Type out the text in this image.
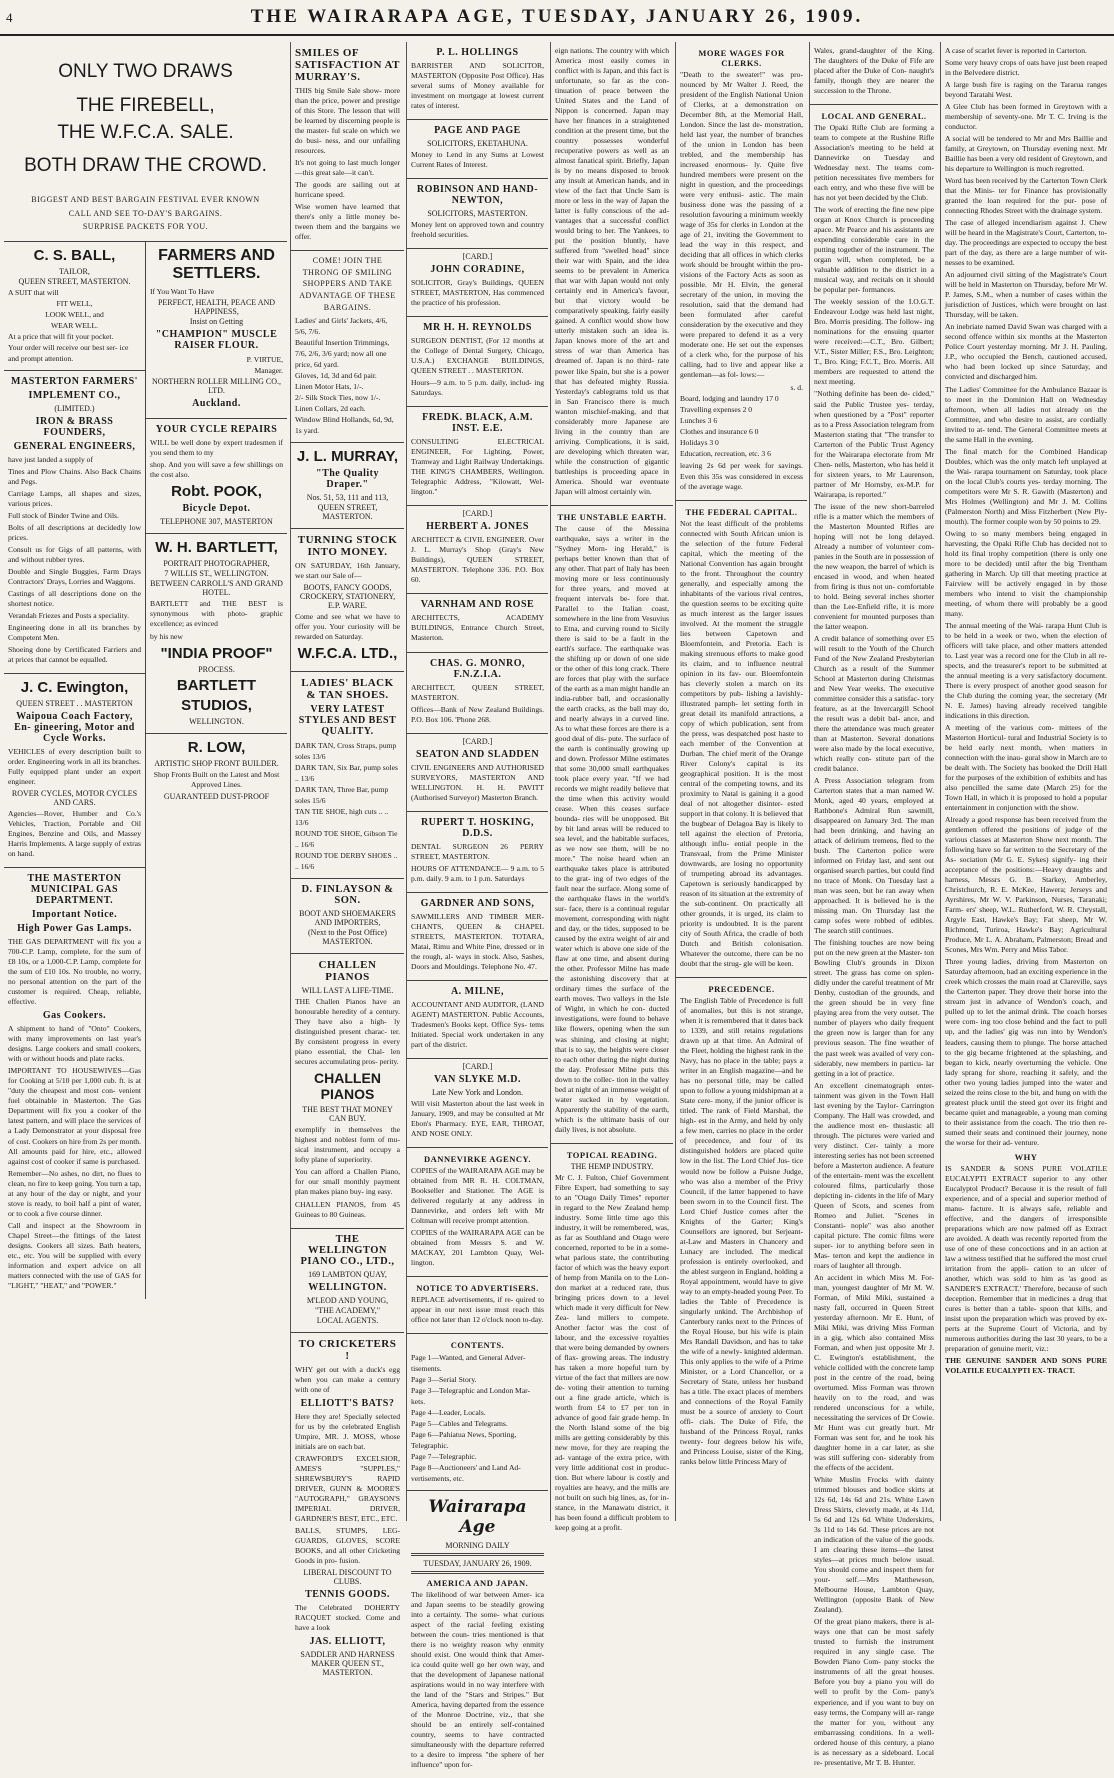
4	THE WAIRARAPA AGE, TUESDAY, JANUARY 26, 1909.
ONLY TWO DRAWS
THE FIREBELL,
THE W.F.C.A. SALE.
BOTH DRAW THE CROWD.
BIGGEST AND BEST BARGAIN FESTIVAL EVER KNOWN
CALL AND SEE TO-DAY'S BARGAINS.
SURPRISE PACKETS FOR YOU.
C. S. BALL,
TAILOR,
QUEEN STREET, MASTERTON.
A SUIT that will
FIT WELL,
LOOK WELL, and
WEAR WELL.
At a price that will fit your pocket.
Your order will receive our best ser- ice and prompt attention.
MASTERTON FARMERS'
IMPLEMENT CO.,
(LIMITED.)
IRON & BRASS FOUNDERS,
GENERAL ENGINEERS,
have just landed a supply of
Tines and Plow Chains. Also Back Chains and Pegs.
Carriage Lamps, all shapes and sizes, various prices.
Full stock of Binder Twine and Oils.
Bolts of all descriptions at decidedly low prices.
Consult us for Gigs of all patterns, with and without rubber tyres.
Double and Single Buggies, Farm Drays Contractors' Drays, Lorries and Waggons.
Castings of all descriptions done on the shortest notice.
Verandah Friezes and Posts a speciality.
Engineering done in all its branches by Competent Men.
Shoeing done by Certificated Farriers and at prices that cannot be equalled.
J. C. Ewington,
QUEEN STREET . . MASTERTON
Waipoua Coach Factory, En- gineering, Motor and Cycle Works.
VEHICLES of every description built to order. Engineering work in all its branches. Fully equipped plant under an expert engineer.
ROVER CYCLES, MOTOR CYCLES AND CARS.
Agencies—Rover, Humber and Co.'s Vehicles, Traction, Portable and Oil Engines, Benzine and Oils, and Massey Harris Implements. A large supply of extras on hand.
THE MASTERTON MUNICIPAL GAS DEPARTMENT.
Important Notice.
High Power Gas Lamps.
THE GAS DEPARTMENT will fix you a 700-C.P. Lamp, complete, for the sum of £8 10s, or a 1,000-C.P. Lamp, complete for the sum of £10 10s. No trouble, no worry, no personal attention on the part of the customer is required. Cheap, reliable, effective.
Gas Cookers.
A shipment to hand of "Onto" Cookers, with many improvements on last year's designs. Large cookers and small cookers, with or without hoods and plate racks.
IMPORTANT TO HOUSEWIVES—Gas for Cooking at 5/10 per 1,000 cub. ft. is at "duty the cheapest and most con- venient fuel obtainable in Masterton. The Gas Department will fix you a cooker of the latest pattern, and will place the services of a Lady Demonstrator at your disposal free of cost. Cookers on hire from 2s per month. All amounts paid for hire, etc., allowed against cost of cooker if same is purchased.
Remember—No ashes, no dirt, no flues to clean, no fire to keep going. You turn a tap, at any hour of the day or night, and your stove is ready, to boil half a pint of water, or to cook a five course dinner.
Call and inspect at the Showroom in Chapel Street—the fittings of the latest designs. Cookers all sizes. Bath heaters, etc., etc. You will be supplied with every information and expert advice on all matters connected with the use of GAS for "LIGHT," "HEAT," and "POWER."
FARMERS AND SETTLERS.
If You Want To Have
PERFECT, HEALTH, PEACE AND HAPPINESS,
Insist on Getting
"CHAMPION" MUSCLE RAISER FLOUR.
P. VIRTUE,
Manager.
NORTHERN ROLLER MILLING CO., LTD.
Auckland.
YOUR CYCLE REPAIRS
WILL be well done by expert tradesmen if you send them to my
shop. And you will save a few shillings on the cost also.
Robt. POOK,
Bicycle Depot.
TELEPHONE 307, MASTERTON
W. H. BARTLETT,
PORTRAIT PHOTOGRAPHER,
7 WILLIS ST., WELLINGTON.
BETWEEN CARROLL'S AND GRAND HOTEL.
BARTLETT and THE BEST is synonymous with photo- graphic excellence; as evinced
by his new
"INDIA PROOF"
PROCESS.
BARTLETT
STUDIOS,
WELLINGTON.
R. LOW,
ARTISTIC SHOP FRONT BUILDER.
Shop Fronts Built on the Latest and Most Approved Lines.
GUARANTEED DUST-PROOF
SMILES OF SATISFACTION AT MURRAY'S.
THIS big Smile Sale show- more than the price, power and prestige of this Store. The lesson that will be learned by discerning people is the master- ful scale on which we do busi- ness, and our unfailing resources.
It's not going to last much longer—this great sale—it can't.
The goods are sailing out at hurricane speed.
Wise women have learned that there's only a little money be- tween them and the bargains we offer.
COME! JOIN THE THRONG OF SMILING SHOPPERS AND TAKE ADVANTAGE OF THESE BARGAINS.
Ladies' and Girls' Jackets, 4/6, 5/6, 7/6.
Beautiful Insertion Trimmings, 7/6, 2/6, 3/6 yard; now all one price, 6d yard.
Gloves, 1d, 3d and 6d pair.
Linen Motor Hats, 1/-.
2/- Silk Stock Ties, now 1/-.
Linen Collars, 2d each.
Window Blind Hollands, 6d, 9d, 1s yard.
J. L. MURRAY,
"The Quality Draper."
Nos. 51, 53, 111 and 113,
QUEEN STREET, MASTERTON.
TURNING STOCK INTO MONEY.
ON SATURDAY, 16th January, we start our Sale of—
BOOTS, FANCY GOODS, CROCKERY, STATIONERY, E.P. WARE.
Come and see what we have to offer you. Your curiosity will be rewarded on Saturday.
W.F.C.A. LTD.,
LADIES' BLACK & TAN SHOES.
VERY LATEST STYLES AND BEST QUALITY.
DARK TAN, Cross Straps, pump soles 13/6
DARK TAN, Six Bar, pump soles .. 13/6
DARK TAN, Three Bar, pump soles 15/6
TAN TIE SHOE, high cuts .. .. 13/6
ROUND TOE SHOE, Gibson Tie .. 16/6
ROUND TOE DERBY SHOES .. .. 16/6
D. FINLAYSON & SON.
BOOT AND SHOEMAKERS AND IMPORTERS,
(Next to the Post Office) MASTERTON.
CHALLEN PIANOS
WILL LAST A LIFE-TIME.
THE Challen Pianos have an honourable heredity of a century. They have also a high- ly distinguished present charac- ter. By consistent progress in every piano essential, the Chal- len secures accumulating pros- perity.
CHALLEN PIANOS
THE BEST THAT MONEY CAN BUY.
exemplify in themselves the highest and noblest form of mu- sical instrument, and occupy a lofty plane of superiority.
You can afford a Challen Piano, for our small monthly payment plan makes piano buy- ing easy.
CHALLEN PIANOS, from 45 Guineas to 80 Guineas.
THE WELLINGTON PIANO CO., LTD.,
169 LAMBTON QUAY,
WELLINGTON.
M'LEOD AND YOUNG,
"THE ACADEMY,"
LOCAL AGENTS.
TO CRICKETERS !
WHY get out with a duck's egg when you can make a century with one of
ELLIOTT'S BATS?
Here they are! Specially selected for us by the celebrated English Umpire, MR. J. MOSS, whose initials are on each bat.
CRAWFORD'S EXCELSIOR, AMES'S "SUPPLES," SHREWSBURY'S RAPID DRIVER, GUNN & MOORE'S "AUTOGRAPH," GRAYSON'S IMPERIAL DRIVER, GARDNER'S BEST, ETC., ETC.
BALLS, STUMPS, LEG-GUARDS, GLOVES, SCORE BOOKS, and all other Cricketing Goods in pro- fusion.
LIBERAL DISCOUNT TO CLUBS.
TENNIS GOODS.
The Celebrated DOHERTY RACQUET stocked. Come and have a look
JAS. ELLIOTT,
SADDLER AND HARNESS MAKER QUEEN ST., MASTERTON.
P. L. HOLLINGS
BARRISTER AND SOLICITOR, MASTERTON (Opposite Post Office). Has several sums of Money available for investment on mortgage at lowest current rates of interest.
PAGE AND PAGE
SOLICITORS, EKETAHUNA.
Money to Lend in any Sums at Lowest Current Rates of Interest.
ROBINSON AND HAND-NEWTON,
SOLICITORS, MASTERTON.
Money lent on approved town and country freehold securities.
[CARD.]
JOHN CORADINE,
SOLICITOR, Gray's Buildings, QUEEN STREET, MASTERTON, Has commenced the practice of his profession.
MR H. H. REYNOLDS
SURGEON DENTIST, (For 12 months at the College of Dental Surgery, Chicago, U.S.A.) EXCHANGE BUILDINGS, QUEEN STREET . . MASTERTON.
Hours—9 a.m. to 5 p.m. daily, includ- ing Saturdays.
FREDK. BLACK, A.M. INST. E.E.
CONSULTING ELECTRICAL ENGINEER, For Lighting, Power, Tramway and Light Railway Undertakings. THE KING'S CHAMBERS, Wellington. Telegraphic Address, "Kilowatt, Wel- lington."
[CARD.]
HERBERT A. JONES
ARCHITECT & CIVIL ENGINEER. Over J. L. Murray's Shop (Gray's New Buildings), QUEEN STREET, MASTERTON. Telephone 336. P.O. Box 60.
VARNHAM AND ROSE
ARCHITECTS, ACADEMY BUILDINGS, Entrance Church Street, Masterton.
CHAS. G. MONRO, F.N.Z.I.A.
ARCHITECT, QUEEN STREET, MASTERTON.
Offices—Bank of New Zealand Buildings. P.O. Box 106. 'Phone 268.
[CARD.]
SEATON AND SLADDEN
CIVIL ENGINEERS AND AUTHORISED SURVEYORS, MASTERTON AND WELLINGTON. H. H. PAVITT (Authorised Surveyor) Masterton Branch.
RUPERT T. HOSKING, D.D.S.
DENTAL SURGEON 26 PERRY STREET, MASTERTON.
HOURS OF ATTENDANCE— 9 a.m. to 5 p.m. daily. 9 a.m. to 1 p.m. Saturdays
GARDNER AND SONS,
SAWMILLERS AND TIMBER MER- CHANTS, QUEEN & CHAPEL STREETS, MASTERTON. TOTARA, Matai, Rimu and White Pine, dressed or in the rough, al- ways in stock. Also, Sashes, Doors and Mouldings. Telephone No. 47.
A. MILNE,
ACCOUNTANT AND AUDITOR, (LAND AGENT) MASTERTON. Public Accounts, Tradesmen's Books kept. Office Sys- tems Initiated. Special work undertaken in any part of the district.
[CARD.]
VAN SLYKE M.D.
Late New York and London.
Will visit Masterton about the last week in January, 1909, and may be consulted at Mr Ebon's Pharmacy. EYE, EAR, THROAT, AND NOSE ONLY.
DANNEVIRKE AGENCY.
COPIES of the WAIRARAPA AGE may be obtained from MR R. H. COLTMAN, Bookseller and Stationer. The AGE is delivered regularly at any address in Dannevirke, and orders left with Mr Coltman will receive prompt attention.
COPIES of the WAIRARAPA AGE can be obtained from Messrs S. and W. MACKAY, 201 Lambton Quay, Wel- lington.
NOTICE TO ADVERTISERS.
REPLACE advertisements, if re- quired to appear in our next issue must reach this office not later than 12 o'clock noon to-day.
CONTENTS.
Page 1—Wanted, and General Adver- tisements.
Page 3—Serial Story.
Page 3—Telegraphic and London Mar- kets.
Page 4—Leader, Locals.
Page 5—Cables and Telegrams.
Page 6—Pahiatua News, Sporting, Telegraphic.
Page 7—Telegraphic.
Page 8—Auctioneers' and Land Ad- vertisements, etc.
Wairarapa Age
MORNING DAILY
TUESDAY, JANUARY 26, 1909.
AMERICA AND JAPAN.
The likelihood of war between Amer- ica and Japan seems to be steadily growing into a certainty. The some- what curious aspect of the racial feeling existing between the coun- tries mentioned is that there is no weighty reason why enmity should exist. One would think that Amer- ica could quite well go her own way, and that the development of Japanese national aspirations would in no way interfere with the land of the "Stars and Stripes." But America, having departed from the essence of the Monroe Doctrine, viz., that she should be an entirely self-contained country, seems to have contracted simultaneously with the departure referred to a desire to impress "the sphere of her influence" upon for-
eign nations. The country with which America most easily comes in conflict with is Japan, and this fact is unfortunate, so far as the con- tinuation of peace between the United States and the Land of Nippon is concerned. Japan may have her finances in a straightened condition at the present time, but the country possesses wonderful recuperative powers as well as an almost fanatical spirit. Briefly, Japan is by no means disposed to brook any insult at American hands, and in view of the fact that Uncle Sam is more or less in the way of Japan the latter is fully conscious of the ad- vantages that a successful conflict would bring to her. The Yankees, to put the position bluntly, have suffered from "swelled head" since their war with Spain, and the idea seems to be prevalent in America that war with Japan would not only certainly end in America's favour, but that victory would be comparatively speaking, fairly easily gained. A conflict would show how utterly mistaken such an idea is. Japan knows more of the art and stress of war than America has dreamed of. Japan is no third- rate power like Spain, but she is a power that has defeated mighty Russia. Yesterday's cablegrams told us that in San Francisco there is much wanton mischief-making, and that considerably more Japanese are living in the country than are arriving. Complications, it is said, are developing which threaten war, while the construction of gigantic battleships is proceeding apace in America. Should war eventuate Japan will almost certainly win.
THE UNSTABLE EARTH.
The cause of the Messina earthquake, says a writer in the "Sydney Morn- ing Herald," is perhaps better known than that of any other. That part of Italy has been moving more or less continuously for three years, and moved at frequent intervals be- fore that. Parallel to the Italian coast, somewhere in the line from Vesuvius to Etna, and curving round to Sicily there is said to be a fault in the earth's surface. The earthquake was the shifting up or down of one side or the other of this long crack. There are forces that play with the surface of the earth as a man might handle an india-rubber ball, and occasionally the earth cracks, as the ball may do, and nearly always in a curved line. As to what these forces are there is a good deal of dis- pute. The surface of the earth is continually growing up and down. Professor Milne estimates that some 30,000 small earthquakes took place every year. "If we had records we might readily believe that the time when this activity would cease. When this ceases surface bounda- ries will be unopposed. Bit by bit land areas will be reduced to sea level, and the habitable surfaces, as we now see them, will be no more." The noise heard when an earthquake takes place is attributed to the grat- ing of two edges of the fault near the surface. Along some of the earthquake flaws in the world's sur- face, there is a continual regular movement, corresponding with night and day, or the tides, supposed to be caused by the extra weight of air and water which is above one side of the flaw at one time, and absent during the other. Professor Milne has made the astonishing discovery that at ordinary times the surface of the earth moves. Two valleys in the Isle of Wight, in which he con- ducted investigations, were found to behave like flowers, opening when the sun was shining, and closing at night; that is to say, the heights were closer to each other during the night during the day. Professor Milne puts this down to the collec- tion in the valley bed at night of an immense weight of water sucked in by vegetation. Apparently the stability of the earth, which is the ultimate basis of our daily lives, is not absolute.
TOPICAL READING.
THE HEMP INDUSTRY.
Mr C. J. Fulton, Chief Government Fibre Expert, had something to say to an "Otago Daily Times" reporter in regard to the New Zealand hemp industry. Some little time ago this industry, it will be remembered, was, as far as Southland and Otago were concerned, reported to be in a some- what parlous state, the contributing factor of which was the heavy export of hemp from Manila on to the Lon- don market at a reduced rate, thus bringing prices down to a level which made it very difficult for New Zea- land millers to compete. Another factor was the cost of labour, and the excessive royalties that were being demanded by owners of flax- growing areas. The industry has taken a more hopeful turn by virtue of the fact that millers are now de- voting their attention to turning out a fine grade article, which is worth from £4 to £7 per ton in advance of good fair grade hemp. In the North Island some of the big mills are getting considerably by this new move, for they are reaping the ad- vantage of the extra price, with very little additional cost in produc- tion. But where labour is costly and royalties are heavy, and the mills are not built on such big lines, as, for in- stance, in the Manawatu district, it has been found a difficult problem to keep going at a profit.
MORE WAGES FOR CLERKS.
"Death to the sweater!" was pro- nounced by Mr Walter J. Reed, the president of the English National Union of Clerks, at a demonstration on December 8th, at the Memorial Hall, London. Since the last de- monstration, held last year, the number of branches of the union in London has been trebled, and the membership has increased enormous- ly. Quite five hundred members were present on the night in question, and the proceedings were very enthusi- astic. The main business done was the passing of a resolution favouring a minimum weekly wage of 35s for clerks in London at the age of 21, inviting the Government to lead the way in this respect, and deciding that all offices in which clerks work should be brought within the pro- visions of the Factory Acts as soon as possible. Mr H. Elvin, the general secretary of the union, in moving the resolution, said that the demand had been formulated after careful consideration by the executive and they were prepared to defend it as a very moderate one. He set out the expenses of a clerk who, for the purpose of his calling, had to live and appear like a gentleman—as fol- lows:—
s. d.
Board, lodging and laundry 17 0
Travelling expenses 2 0
Lunches 3 6
Clothes and insurance 6 0
Holidays 3 0
Education, recreation, etc. 3 6
leaving 2s 6d per week for savings. Even this 35s was considered in excess of the average wage.
THE FEDERAL CAPITAL.
Not the least difficult of the problems connected with South African union is the selection of the future Federal capital, which the meeting of the National Convention has again brought to the front. Throughout the country generally, and especially among the inhabitants of the various rival centres, the question seems to be exciting quite as much interest as the larger issues involved. At the moment the struggle lies between Capetown and Bloemfontein, and Pretoria. Each is making strenuous efforts to make good its claim, and to influence neutral opinion in its fav- our. Bloemfontein has cleverly stolen a march on its competitors by pub- lishing a lavishly-illustrated pamph- let setting forth in great detail its manifold attractions, a copy of which publication, sent from the press, was despatched post haste to each member of the Convention at Durban. The chief merit of the Orange River Colony's capital is its geographical position. It is the most central of the competing towns, and its proximity to Natal is gaining it a good deal of not altogether disinter- ested support in that colony. It is believed that the bugbear of Delagoa Bay is likely to tell against the election of Pretoria, although influ- ential people in the Transvaal, from the Prime Minister downwards, are losing no opportunity of trumpeting abroad its advantages. Capetown is seriously handicapped by reason of its situation at the extremity of the sub-continent. On practically all other grounds, it is urged, its claim to priority is undoubted. It is the parent city of South Africa, the cradle of both Dutch and British colonisation. Whatever the outcome, there can be no doubt that the strug- gle will be keen.
PRECEDENCE.
The English Table of Precedence is full of anomalies, but this is not strange, when it is remembered that it dates back to 1339, and still retains regulations drawn up at that time. An Admiral of the Fleet, holding the highest rank in the Navy, has no place in the table; pays a writer in an English magazine—and he has no personal title, may be called upon to follow a young midshipman at a State cere- mony, if the junior officer is titled. The rank of Field Marshal, the high- est in the Army, and held by only a few men, carries no place in the order of precedence, and four of its distinguished holders are placed quite low in the list. The Lord Chief Jus- tice would now be follow a Puisne Judge, who was also a member of the Privy Council, if the latter happened to have been sworn in to the Council first. The Lord Chief Justice comes after the Knights of the Garter; King's Counsellors are ignored, but Serjeant-at-Law and Masters in Chancery and Lunacy are included. The medical profession is entirely overlooked, and the ablest surgeon in England, holding a Royal appointment, would have to give way to an empty-headed young Peer. To ladies the Table of Precedence is singularly unkind. The Archbishop of Canterbury ranks next to the Princes of the Royal House, but his wife is plain Mrs Randall Davidson, and has to take the wife of a newly- knighted alderman. This only applies to the wife of a Prime Minister, or a Lord Chancellor, or a Secretary of State, unless her husband has a title. The exact places of members and connections of the Royal Family must be a source of anxiety to Court offi- cials. The Duke of Fife, the husband of the Princess Royal, ranks twenty- four degrees below his wife, and Princess Louise, sister of the King, ranks below little Princess Mary of
Wales, grand-daughter of the King. The daughters of the Duke of Fife are placed after the Duke of Con- naught's family, though they are nearer the succession to the Throne.
LOCAL AND GENERAL.
The Opaki Rifle Club are forming a team to compete at the Rushine Rifle Association's meeting to be held at Dannevirke on Tuesday and Wednesday next. The teams com- petition necessitates five members for each entry, and who these five will be has not yet been decided by the Club.
The work of erecting the fine new pipe organ at Knox Church is proceeding apace. Mr Pearce and his assistants are expending considerable care in the putting together of the instrument. The organ will, when completed, be a valuable addition to the district in a musical way, and recitals on it should be popular per- formances.
The weekly session of the I.O.G.T. Endeavour Lodge was held last night, Bro. Morris presiding. The follow- ing nominations for the ensuing quarter were received:—C.T., Bro. Gilbert; V.T., Sister Miller; F.S., Bro. Leighton; T., Bro. King; F.C.T., Bro. Morris. All members are requested to attend the next meeting.
"Nothing definite has been de- cided," said the Public Trustee yes- terday, when questioned by a "Post" reporter as to a Press Association telegram from Masterton stating that "The transfer to Carterton of the Public Trust Agency for the Wairarapa electorate from Mr Chen- nells, Masterton, who has held it for sixteen years, to Mr Laurenson, partner of Mr Hornsby, ex-M.P. for Wairarapa, is reported."
The issue of the new short-barreled rifle is a matter which the members of the Masterton Mounted Rifles are hoping will not be long delayed. Already a number of volunteer com- panies in the South are in possession of the new weapon, the barrel of which is encased in wood, and when heated from firing is thus not un- comfortable to hold. Being several inches shorter than the Lee-Enfield rifle, it is more convenient for mounted purposes than the latter weapon.
A credit balance of something over £5 will result to the Youth of the Church Fund of the New Zealand Presbyterian Church as a result of the Summer School at Masterton during Christmas and New Year weeks. The executive committee consider this a satisfac- tory feature, as at the Invercargill School the result was a debit bal- ance, and there the attendance was much greater than at Masterton. Several donations were also made by the local executive, which really con- stitute part of the credit balance.
A Press Association telegram from Carterton states that a man named W. Monk, aged 40 years, employed at Rathbone's Admiral Run sawmill, disappeared on January 3rd. The man had been drinking, and having an attack of delirium tremens, fled to the bush. The Carterton police were informed on Friday last, and sent out organised search parties, but could find no trace of Monk. On Tuesday last a man was seen, but he ran away when approached. It is believed he is the missing man. On Thursday last the camp sofes were robbed of edibles. The search still continues.
The finishing touches are now being put on the new green at the Master- ton Bowling Club's grounds in Dixon street. The grass has come on splen- didly under the careful treatment of Mr Denby, custodian of the grounds, and the green should be in very fine playing area from the very outset. The number of players who daily frequent the green now is larger than for any previous season. The fine weather of the past week was availed of very con- siderably, new members in particu- lar getting in a lot of practice.
An excellent cinematograph enter- tainment was given in the Town Hall last evening by the Taylor- Carrington Company. The Hall was crowded, and the audience most en- thusiastic all through. The pictures were varied and very distinct. Cer- tainly a more interesting series has not been screened before a Masterton audience. A feature of the entertain- ment was the excellent coloured films, particularly those depicting in- cidents in the life of Mary Queen of Scots, and scenes from Romeo and Juliet. "Scenes in Constanti- nople" was also another capital picture. The comic films were super- ior to anything before seen in Mas- terton and kept the audience in roars of laughter all through.
An accident in which Miss M. For- man, youngest daughter of Mr M. W. Forman, of Miki Miki, sustained a nasty fall, occurred in Queen Street yesterday afternoon. Mr E. Hunt, of Miki Miki, was driving Miss Forman in a gig, which also contained Miss Forman, and when just opposite Mr J. C. Ewington's establishment, the vehicle collided with the concrete lamp post in the centre of the road, being overturned. Miss Forman was thrown heavily on to the road, and was rendered unconscious for a while, necessitating the services of Dr Cowie. Mr Hunt was cut greatly hurt. Mr Forman was sent for, and he took his daughter home in a car later, as she was still suffering con- siderably from the effects of the accident.
White Muslin Frocks with dainty trimmed blouses and bodice skirts at 12s 6d, 14s 6d and 21s. White Lawn Dress Skirts, cleverly made, at 4s 11d, 5s 6d and 12s 6d. White Underskirts, 3s 11d to 14s 6d. These prices are not an indication of the value of the goods. I am clearing these items—the latest styles—at prices much below usual. You should come and inspect them for your- self.—Mrs Matthewson, Melbourne House, Lambton Quay, Wellington (opposite Bank of New Zealand).
Of the great piano makers, there is al- ways one that can be most safely trusted to furnish the instrument required in any single case. The Bowden Piano Com- pany stocks the instruments of all the great houses. Before you buy a piano you will do well to profit by the Com- pany's experience, and if you want to buy on easy terms, the Company will ar- range the matter for you, without any embarrassing conditions. In a well- ordered house of this century, a piano is as necessary as a sideboard. Local re- presentative, Mr T. B. Hunter.
A case of scarlet fever is reported in Carterton.
Some very heavy crops of oats have just been reaped in the Belvedere district.
A large bush fire is raging on the Tararua ranges beyond Taratahi West.
A Glee Club has been formed in Greytown with a membership of seventy-one. Mr T. C. Irving is the conductor.
A social will be tendered to Mr and Mrs Baillie and family, at Greytown, on Thursday evening next. Mr Baillie has been a very old resident of Greytown, and his departure to Wellington is much regretted.
Word has been received by the Carterton Town Clerk that the Minis- ter for Finance has provisionally granted the loan required for the pur- pose of connecting Rhodes Street with the drainage system.
The case of alleged incendiarism against J. Chew will be heard in the Magistrate's Court, Carterton, to- day. The proceedings are expected to occupy the best part of the day, as there are a large number of wit- nesses to be examined.
An adjourned civil sitting of the Magistrate's Court will be held in Masterton on Thursday, before Mr W. P. James, S.M., when a number of cases within the jurisdiction of Justices, which were brought on last Thursday, will be taken.
An inebriate named David Swan was charged with a second offence within six months at the Masterton Police Court yesterday morning. Mr J. H. Pauling, J.P., who occupied the Bench, cautioned accused, who had been locked up since Saturday, and convicted and discharged him.
The Ladies' Committee for the Ambulance Bazaar is to meet in the Dominion Hall on Wednesday afternoon, when all ladies not already on the Committee, and who desire to assist, are cordially invited to at- tend. The General Committee meets at the same Hall in the evening.
The final match for the Combined Handicap Doubles, which was the only match left unplayed at the Wai- rarapa tournament on Saturday, took place on the local Club's courts yes- terday morning. The competitors were Mr S. R. Gawith (Masterton) and Mrs Holmes (Wellington) and Mr J. M. Collins (Palmerston North) and Miss Fitzherbert (New Ply- mouth). The former couple won by 50 points to 29.
Owing to so many members being engaged in harvesting, the Opaki Rifle Club has decided not to hold its final trophy competition (there is only one more to be decided) until after the big Trentham gathering in March. Up till that meeting practice at Fairview will be actively engaged in by those members who intend to visit the championship meeting, of whom there will probably be a good many.
The annual meeting of the Wai- rarapa Hunt Club is to be held in a week or two, when the election of officers will take place, and other matters attended to. Last year was a record one for the Club in all re- spects, and the treasurer's report to be submitted at the annual meeting is a very satisfactory document. There is every prospect of another good season for the Club during the coming year, the secretary (Mr N. E. James) having already received tangible indications in this direction.
A meeting of the various com- mittees of the Masterton Horticul- tural and Industrial Society is to be held early next month, when matters in connection with the inau- gural show in March are to be dealt with. The Society has booked the Drill Hall for the purposes of the exhibition of exhibits and has also pencilled the same date (March 25) for the Town Hall, in which it is proposed to hold a popular entertainment in conjunction with the show.
Already a good response has been received from the gentlemen offered the positions of judge of the various classes at Masterton Show next month. The following have so far written to the Secretary of the As- sociation (Mr G. E. Sykes) signify- ing their acceptance of the positions:—Heavy draughts and harness, Messrs G. B. Starkey, Amberley, Christchurch, R. E. McKee, Hawera; Jerseys and Ayrshires, Mr W. V. Parkinson, Nurses, Taranaki; Farm- ers' sheep, W.L. Rutherford, W. R. Chrystall, Argyle East, Hawke's Bay; Fat sheep, Mr W. Richmond, Turiroa, Hawke's Bay; Agricultural Produce, Mr L. A. Abraham, Palmerston; Bread and Scones, Mrs Wm. Perry and Miss Tabor.
Three young ladies, driving from Masterton on Saturday afternoon, had an exciting experience in the creek which crosses the main road at Clareville, says the Carterton paper. They drove their horse into the stream just in advance of Wendon's coach, and pulled up to let the animal drink. The coach horses were com- ing too close behind and the fact to pull up, and the ladies' gig was run into by Wendon's leaders, causing them to plunge. The horse attached to the gig became frightened at the splashing, and began to kick, nearly overturning the vehicle. One lady sprang for shore, reaching it safely, and the other two young ladies jumped into the water and seized the reins close to the bit, and hung on with the greatest pluck until the steed got over its fright and became quiet and manageable, a young man coming to their assistance from the coach. The trio then re- sumed their seats and continued their journey, none the worse for their ad- venture.
WHY
IS SANDER & SONS PURE VOLATILE EUCALYPTI EXTRACT superior to any other Eucalyptol Product? Because it is the result of full experience, and of a special and superior method of manu- facture. It is always safe, reliable and effective, and the dangers of irresponsible preparations which are now palmed off as Extract are avoided. A death was recently reported from the use of one of these concoctions and in an action at law a witness testified that he suffered the most cruel irritation from the appli- cation to an ulcer of another, which was sold to him as 'as good as SANDER'S EXTRACT.' Therefore, because of such deception. Remember that in medicines a drug that cures is better than a table- spoon that kills, and insist upon the preparation which was proved by ex- perts at the Supreme Court of Victoria, and by numerous authorities during the last 30 years, to be a preparation of genuine merit, viz.:
THE GENUINE SANDER AND SONS PURE VOLATILE EUCALYPTI EX- TRACT.
